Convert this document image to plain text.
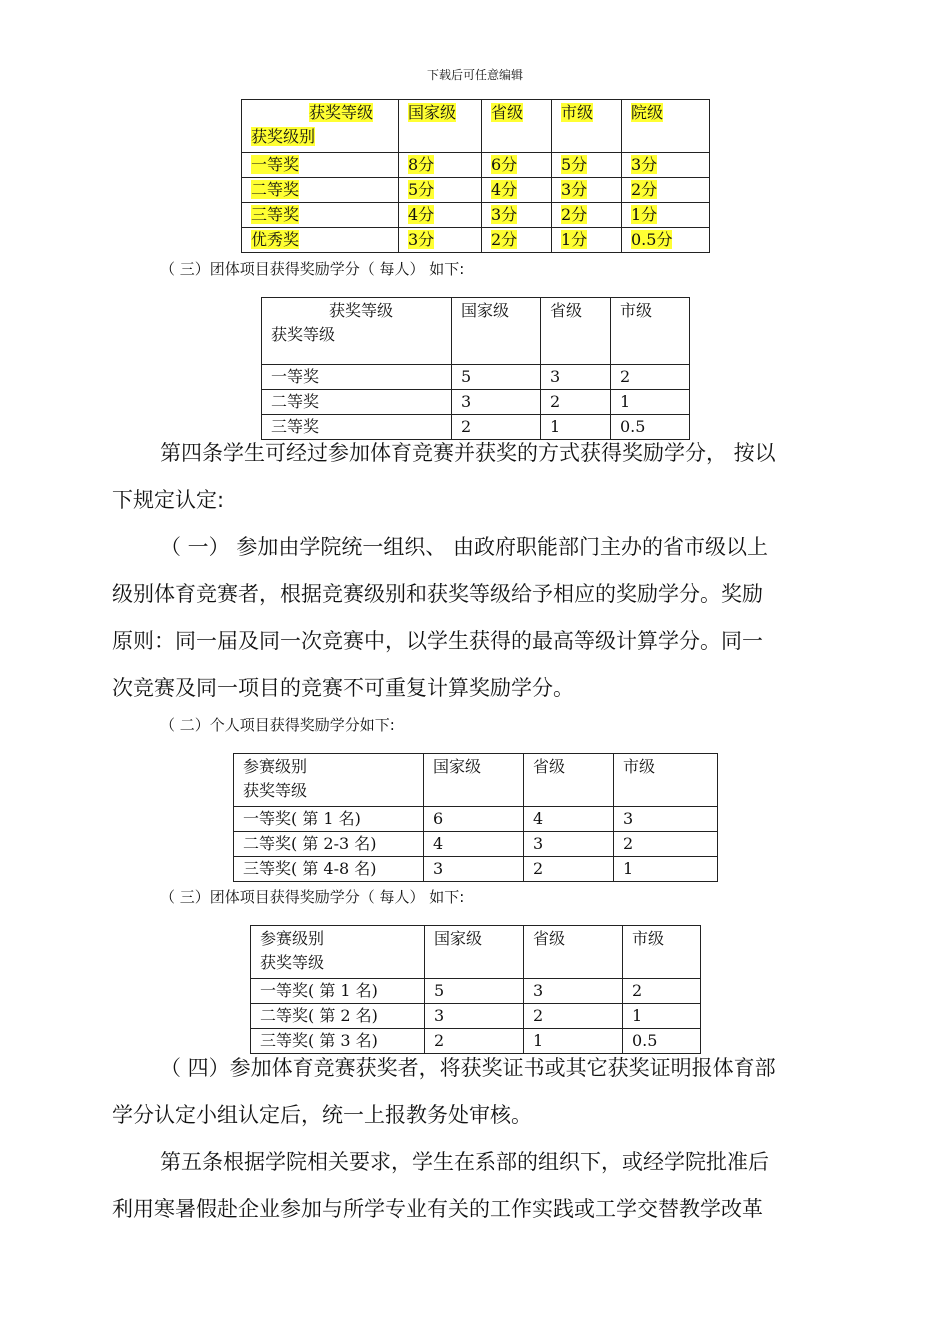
下载后可任意编辑
获奖等级
获奖级别	国家级	省级	市级	院级
一等奖	8分	6分	5分	3分
二等奖	5分	4分	3分	2分
三等奖	4分	3分	2分	1分
优秀奖	3分	2分	1分	0.5分
（ 三）团体项目获得奖励学分（ 每人） 如下:
获奖等级
获奖等级	国家级	省级	市级
一等奖	5	3	2
二等奖	3	2	1
三等奖	2	1	0.5

第四条学生可经过参加体育竞赛并获奖的方式获得奖励学分， 按以
下规定认定:

（ 一） 参加由学院统一组织、 由政府职能部门主办的省市级以上
级别体育竞赛者，根据竞赛级别和获奖等级给予相应的奖励学分。奖励
原则：同一届及同一次竞赛中，以学生获得的最高等级计算学分。同一
次竞赛及同一项目的竞赛不可重复计算奖励学分。

（ 二）个人项目获得奖励学分如下:
参赛级别
获奖等级	国家级	省级	市级
一等奖( 第 1 名)	6	4	3
二等奖( 第 2-3 名)	4	3	2
三等奖( 第 4-8 名)	3	2	1
（ 三）团体项目获得奖励学分（ 每人） 如下:
参赛级别
获奖等级	国家级	省级	市级
一等奖( 第 1 名)	5	3	2
二等奖( 第 2 名)	3	2	1
三等奖( 第 3 名)	2	1	0.5

（ 四）参加体育竞赛获奖者，将获奖证书或其它获奖证明报体育部
学分认定小组认定后，统一上报教务处审核。

第五条根据学院相关要求，学生在系部的组织下，或经学院批准后
利用寒暑假赴企业参加与所学专业有关的工作实践或工学交替教学改革
